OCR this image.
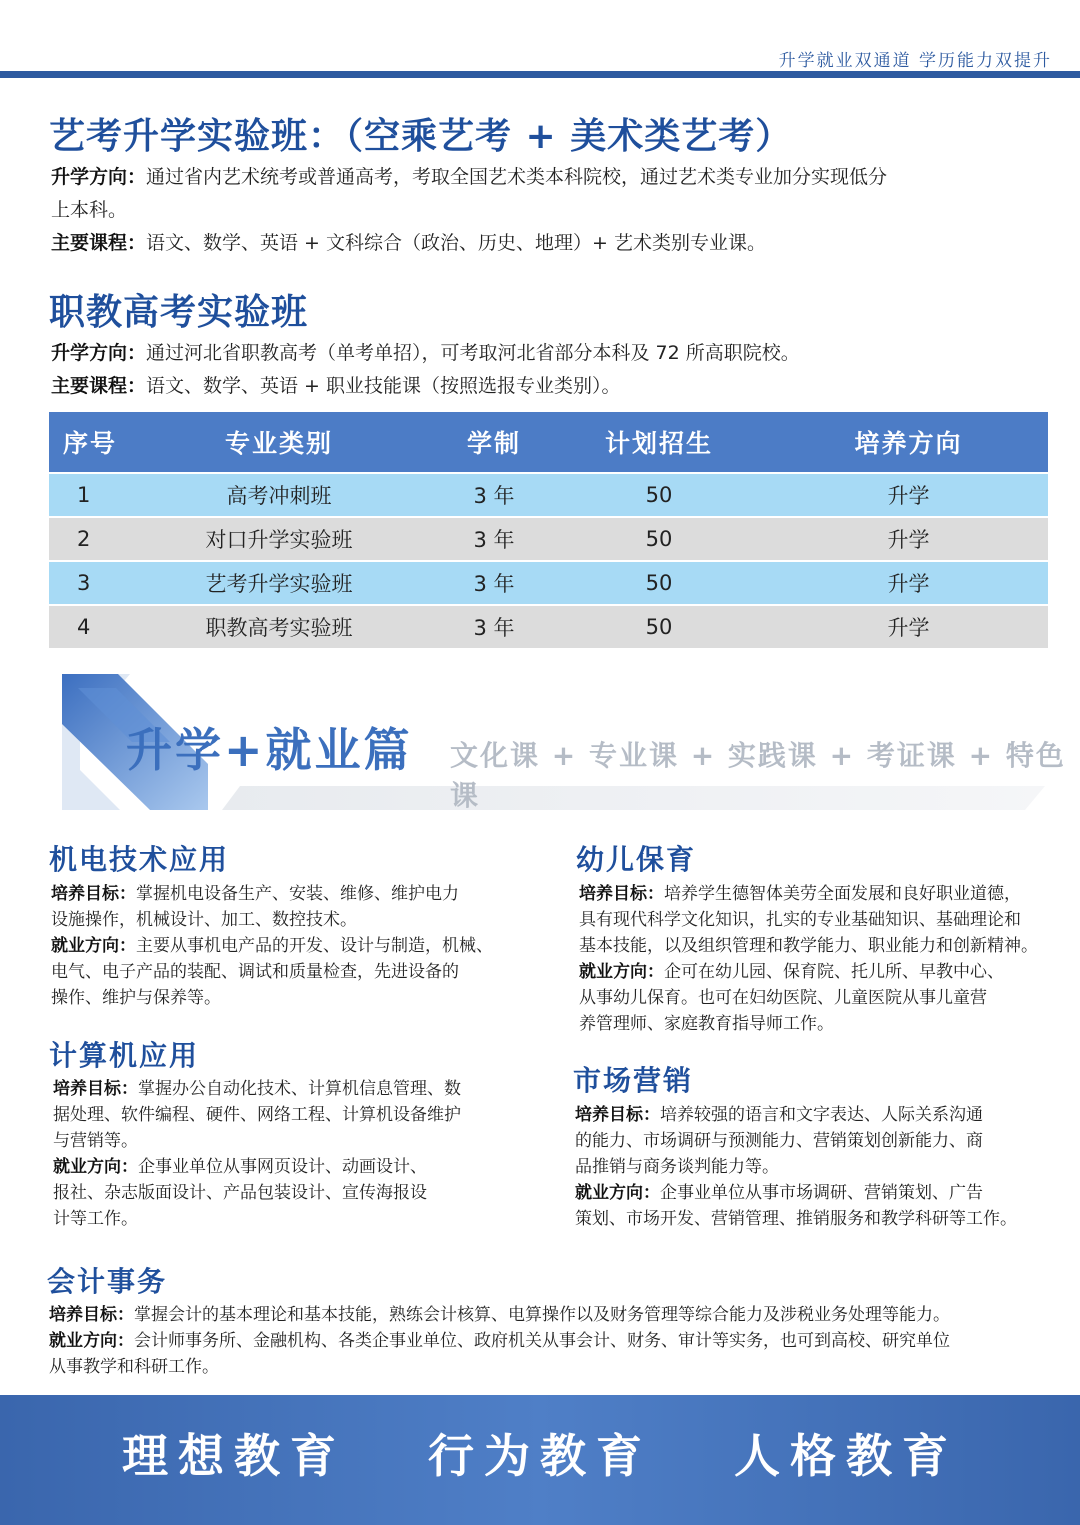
升学就业双通道 学历能力双提升
艺考升学实验班：（空乘艺考 + 美术类艺考）
升学方向：通过省内艺术统考或普通高考，考取全国艺术类本科院校，通过艺术类专业加分实现低分
上本科。
主要课程：语文、数学、英语 + 文科综合（政治、历史、地理）+ 艺术类别专业课。
职教高考实验班
升学方向：通过河北省职教高考（单考单招），可考取河北省部分本科及 72 所高职院校。
主要课程：语文、数学、英语 + 职业技能课（按照选报专业类别）。
序号	专业类别	学制	计划招生	培养方向
1	高考冲刺班	3 年	50	升学
2	对口升学实验班	3 年	50	升学
3	艺考升学实验班	3 年	50	升学
4	职教高考实验班	3 年	50	升学
升学+就业篇 文化课 + 专业课 + 实践课 + 考证课 + 特色课
机电技术应用
培养目标：掌握机电设备生产、安装、维修、维护电力
设施操作，机械设计、加工、数控技术。
就业方向：主要从事机电产品的开发、设计与制造，机械、
电气、电子产品的装配、调试和质量检查，先进设备的
操作、维护与保养等。
计算机应用
培养目标：掌握办公自动化技术、计算机信息管理、数
据处理、软件编程、硬件、网络工程、计算机设备维护
与营销等。
就业方向：企事业单位从事网页设计、动画设计、
报社、杂志版面设计、产品包装设计、宣传海报设
计等工作。
幼儿保育
培养目标：培养学生德智体美劳全面发展和良好职业道德，
具有现代科学文化知识，扎实的专业基础知识、基础理论和
基本技能，以及组织管理和教学能力、职业能力和创新精神。
就业方向：企可在幼儿园、保育院、托儿所、早教中心、
从事幼儿保育。也可在妇幼医院、儿童医院从事儿童营
养管理师、家庭教育指导师工作。
市场营销
培养目标：培养较强的语言和文字表达、人际关系沟通
的能力、市场调研与预测能力、营销策划创新能力、商
品推销与商务谈判能力等。
就业方向：企事业单位从事市场调研、营销策划、广告
策划、市场开发、营销管理、推销服务和教学科研等工作。
会计事务
培养目标：掌握会计的基本理论和基本技能，熟练会计核算、电算操作以及财务管理等综合能力及涉税业务处理等能力。
就业方向：会计师事务所、金融机构、各类企事业单位、政府机关从事会计、财务、审计等实务，也可到高校、研究单位
从事教学和科研工作。
理想教育 行为教育 人格教育
